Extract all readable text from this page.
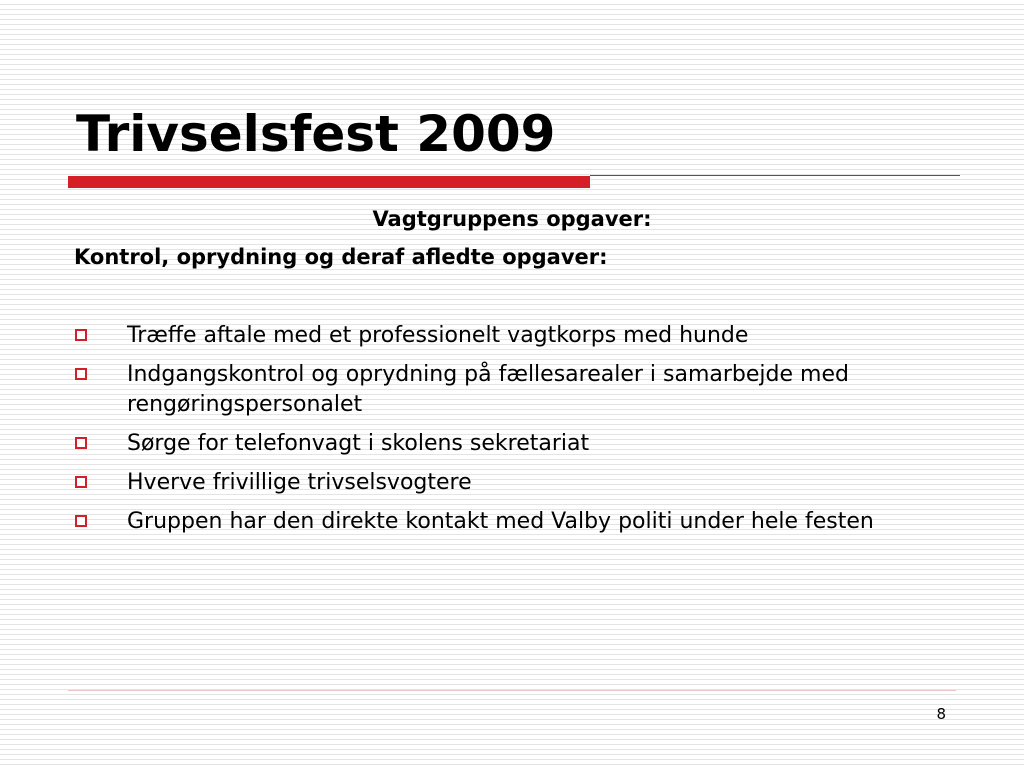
Trivselsfest 2009
Vagtgruppens opgaver:
Kontrol, oprydning og deraf afledte opgaver:
Træffe aftale med et professionelt vagtkorps med hunde
Indgangskontrol og oprydning på fællesarealer i samarbejde med rengøringspersonalet
Sørge for telefonvagt i skolens sekretariat
Hverve frivillige trivselsvogtere
Gruppen har den direkte kontakt med Valby politi under hele festen
8
